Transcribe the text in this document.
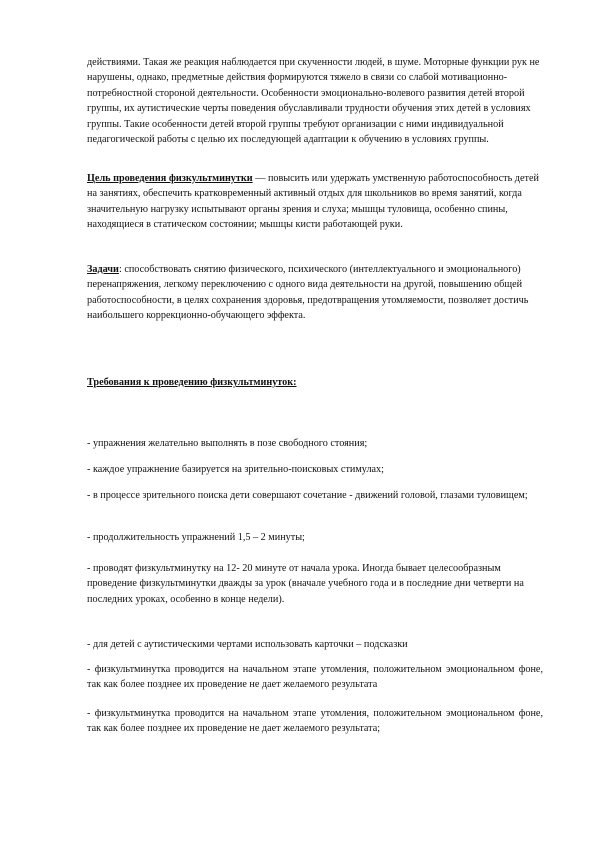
действиями. Такая же реакция наблюдается при скученности людей, в шуме. Моторные функции рук не нарушены, однако, предметные действия формируются тяжело в связи со слабой мотивационно-потребностной стороной деятельности. Особенности эмоционально-волевого развития детей второй группы, их аутистические черты поведения обуславливали трудности обучения этих детей в условиях группы. Такие особенности детей второй группы требуют организации с ними индивидуальной педагогической работы с целью их последующей адаптации к обучению в условиях группы.

Цель проведения физкультминутки — повысить или удержать умственную работоспособность детей на занятиях, обеспечить кратковременный активный отдых для школьников во время занятий, когда значительную нагрузку испытывают органы зрения и слуха; мышцы туловища, особенно спины, находящиеся в статическом состоянии; мышцы кисти работающей руки.

Задачи: способствовать снятию физического, психического (интеллектуального и эмоционального) перенапряжения, легкому переключению с одного вида деятельности на другой, повышению общей работоспособности, в целях сохранения здоровья, предотвращения утомляемости, позволяет достичь наибольшего коррекционно-обучающего эффекта.

Требования к проведению физкультминуток:

- упражнения желательно выполнять в позе свободного стояния;

- каждое упражнение базируется на зрительно-поисковых стимулах;

- в процессе зрительного поиска дети совершают сочетание - движений головой, глазами туловищем;

- продолжительность упражнений 1,5 – 2 минуты;

- проводят физкультминутку на 12- 20 минуте от начала урока. Иногда бывает целесообразным проведение физкультминутки дважды за урок (вначале учебного года и в последние дни четверти на последних уроках, особенно в конце недели).

- для детей с аутистическими чертами использовать карточки – подсказки

- физкультминутка проводится на начальном этапе утомления, положительном эмоциональном фоне, так как более позднее их проведение не дает желаемого результата

- физкультминутка проводится на начальном этапе утомления, положительном эмоциональном фоне, так как более позднее их проведение не дает желаемого результата;
